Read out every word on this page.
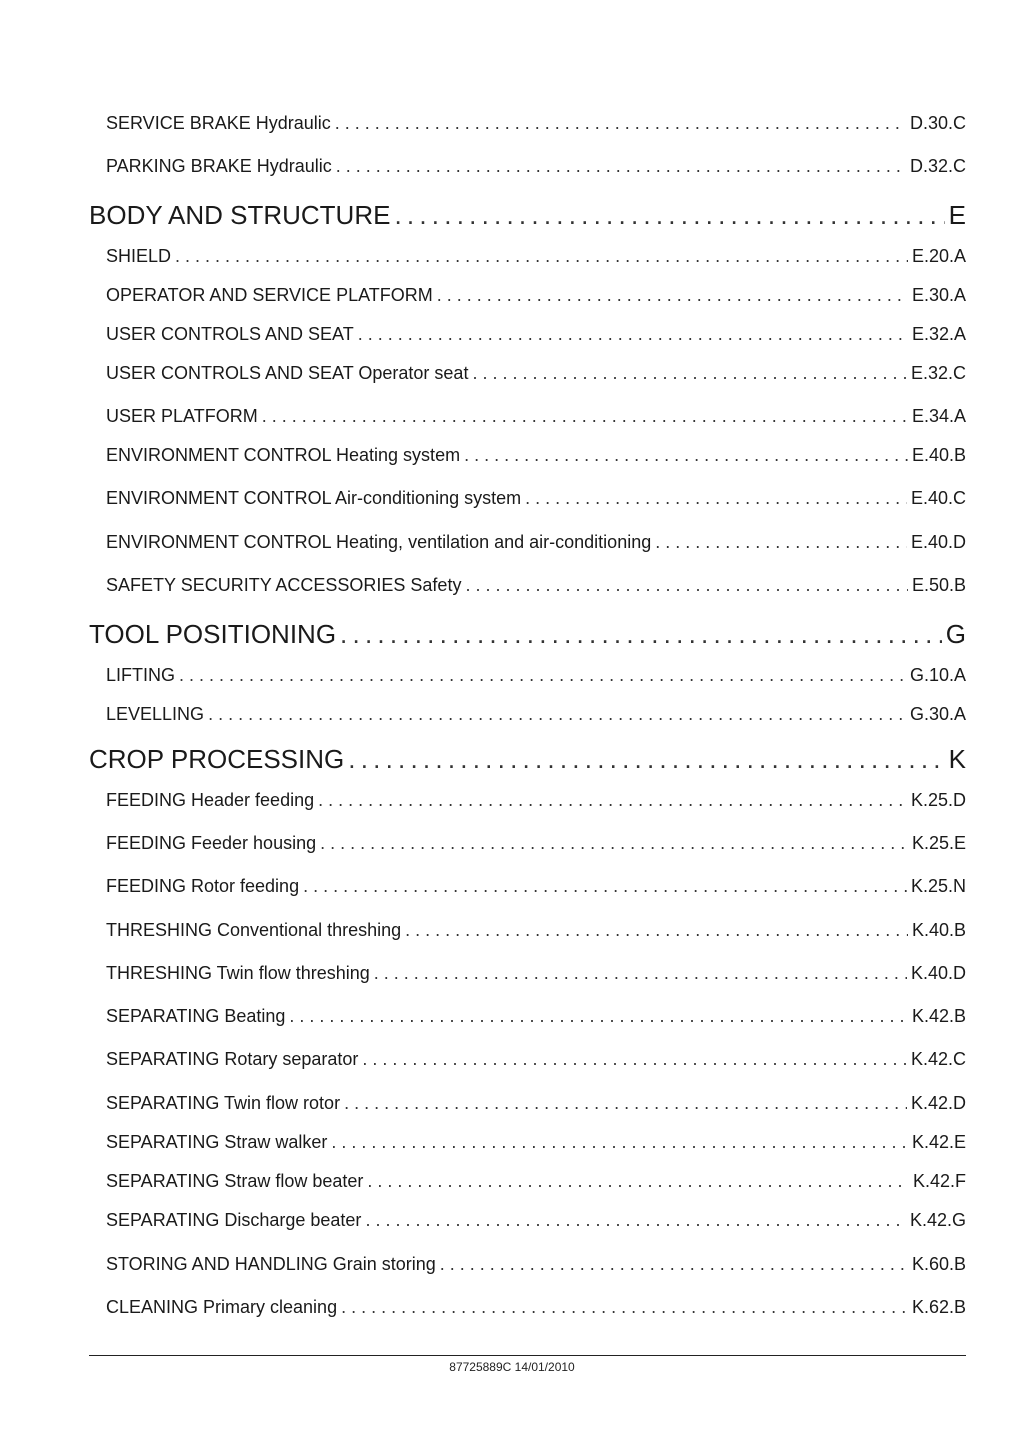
SERVICE BRAKE Hydraulic . . .	D.30.C
PARKING BRAKE Hydraulic . . .	D.32.C
BODY AND STRUCTURE . . .	E
SHIELD . . .	E.20.A
OPERATOR AND SERVICE PLATFORM . . .	E.30.A
USER CONTROLS AND SEAT . . .	E.32.A
USER CONTROLS AND SEAT Operator seat . . .	E.32.C
USER PLATFORM . . .	E.34.A
ENVIRONMENT CONTROL Heating system . . .	E.40.B
ENVIRONMENT CONTROL Air-conditioning system . . .	E.40.C
ENVIRONMENT CONTROL Heating, ventilation and air-conditioning . . .	E.40.D
SAFETY SECURITY ACCESSORIES Safety . . .	E.50.B
TOOL POSITIONING . . .	G
LIFTING . . .	G.10.A
LEVELLING . . .	G.30.A
CROP PROCESSING . . .	K
FEEDING Header feeding . . .	K.25.D
FEEDING Feeder housing . . .	K.25.E
FEEDING Rotor feeding . . .	K.25.N
THRESHING Conventional threshing . . .	K.40.B
THRESHING Twin flow threshing . . .	K.40.D
SEPARATING Beating . . .	K.42.B
SEPARATING Rotary separator . . .	K.42.C
SEPARATING Twin flow rotor . . .	K.42.D
SEPARATING Straw walker . . .	K.42.E
SEPARATING Straw flow beater . . .	K.42.F
SEPARATING Discharge beater . . .	K.42.G
STORING AND HANDLING Grain storing . . .	K.60.B
CLEANING Primary cleaning . . .	K.62.B
87725889C 14/01/2010
